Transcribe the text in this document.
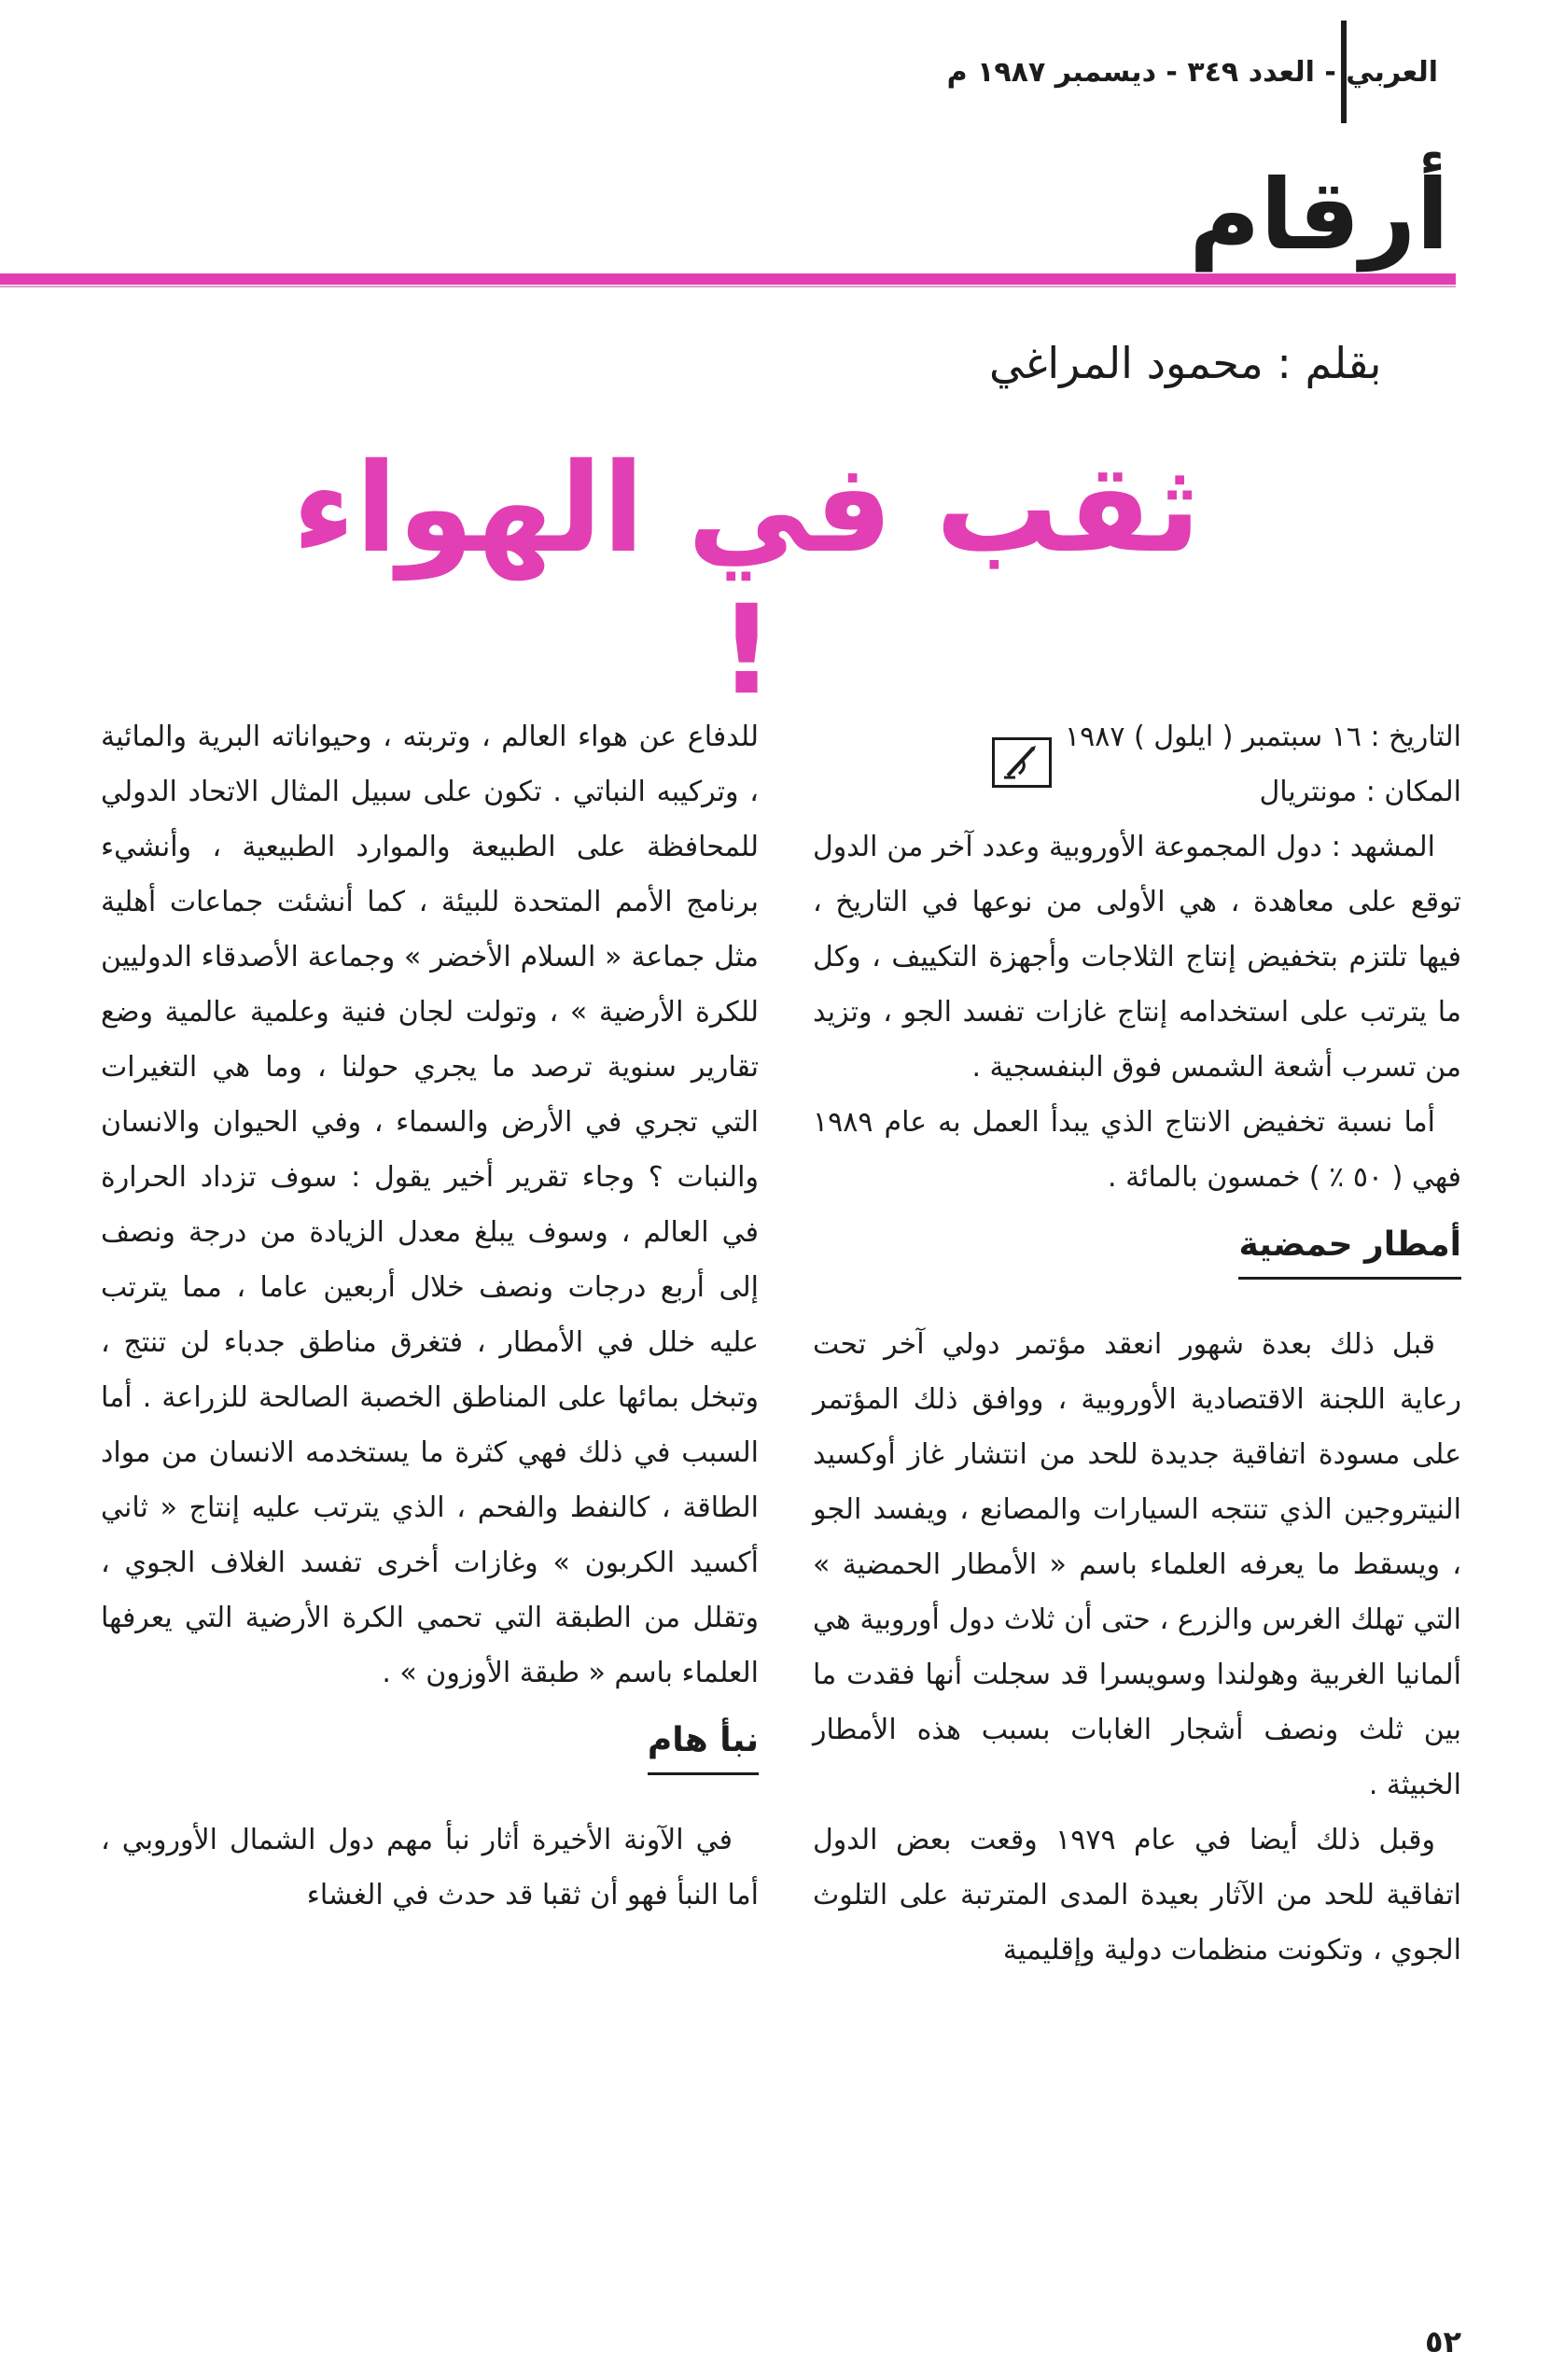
العربي - العدد ٣٤٩ - ديسمبر ١٩٨٧ م
أرقام
بقلم : محمود المراغي
ثقب في الهواء !

التاريخ : ١٦ سبتمبر ( ايلول ) ١٩٨٧

المكان : مونتريال

المشهد : دول المجموعة الأوروبية وعدد آخر من الدول توقع على معاهدة ، هي الأولى من نوعها في التاريخ ، فيها تلتزم بتخفيض إنتاج الثلاجات وأجهزة التكييف ، وكل ما يترتب على استخدامه إنتاج غازات تفسد الجو ، وتزيد من تسرب أشعة الشمس فوق البنفسجية .

أما نسبة تخفيض الانتاج الذي يبدأ العمل به عام ١٩٨٩ فهي ( ٥٠ ٪ ) خمسون بالمائة .

أمطار حمضية

قبل ذلك بعدة شهور انعقد مؤتمر دولي آخر تحت رعاية اللجنة الاقتصادية الأوروبية ، ووافق ذلك المؤتمر على مسودة اتفاقية جديدة للحد من انتشار غاز أوكسيد النيتروجين الذي تنتجه السيارات والمصانع ، ويفسد الجو ، ويسقط ما يعرفه العلماء باسم « الأمطار الحمضية » التي تهلك الغرس والزرع ، حتى أن ثلاث دول أوروبية هي ألمانيا الغربية وهولندا وسويسرا قد سجلت أنها فقدت ما بين ثلث ونصف أشجار الغابات بسبب هذه الأمطار الخبيثة .

وقبل ذلك أيضا في عام ١٩٧٩ وقعت بعض الدول اتفاقية للحد من الآثار بعيدة المدى المترتبة على التلوث الجوي ، وتكونت منظمات دولية وإقليمية

للدفاع عن هواء العالم ، وتربته ، وحيواناته البرية والمائية ، وتركيبه النباتي . تكون على سبيل المثال الاتحاد الدولي للمحافظة على الطبيعة والموارد الطبيعية ، وأنشيء برنامج الأمم المتحدة للبيئة ، كما أنشئت جماعات أهلية مثل جماعة « السلام الأخضر » وجماعة الأصدقاء الدوليين للكرة الأرضية » ، وتولت لجان فنية وعلمية عالمية وضع تقارير سنوية ترصد ما يجري حولنا ، وما هي التغيرات التي تجري في الأرض والسماء ، وفي الحيوان والانسان والنبات ؟ وجاء تقرير أخير يقول : سوف تزداد الحرارة في العالم ، وسوف يبلغ معدل الزيادة من درجة ونصف إلى أربع درجات ونصف خلال أربعين عاما ، مما يترتب عليه خلل في الأمطار ، فتغرق مناطق جدباء لن تنتج ، وتبخل بمائها على المناطق الخصبة الصالحة للزراعة . أما السبب في ذلك فهي كثرة ما يستخدمه الانسان من مواد الطاقة ، كالنفط والفحم ، الذي يترتب عليه إنتاج « ثاني أكسيد الكربون » وغازات أخرى تفسد الغلاف الجوي ، وتقلل من الطبقة التي تحمي الكرة الأرضية التي يعرفها العلماء باسم « طبقة الأوزون » .

نبأ هام

في الآونة الأخيرة أثار نبأ مهم دول الشمال الأوروبي ، أما النبأ فهو أن ثقبا قد حدث في الغشاء

٥٢
